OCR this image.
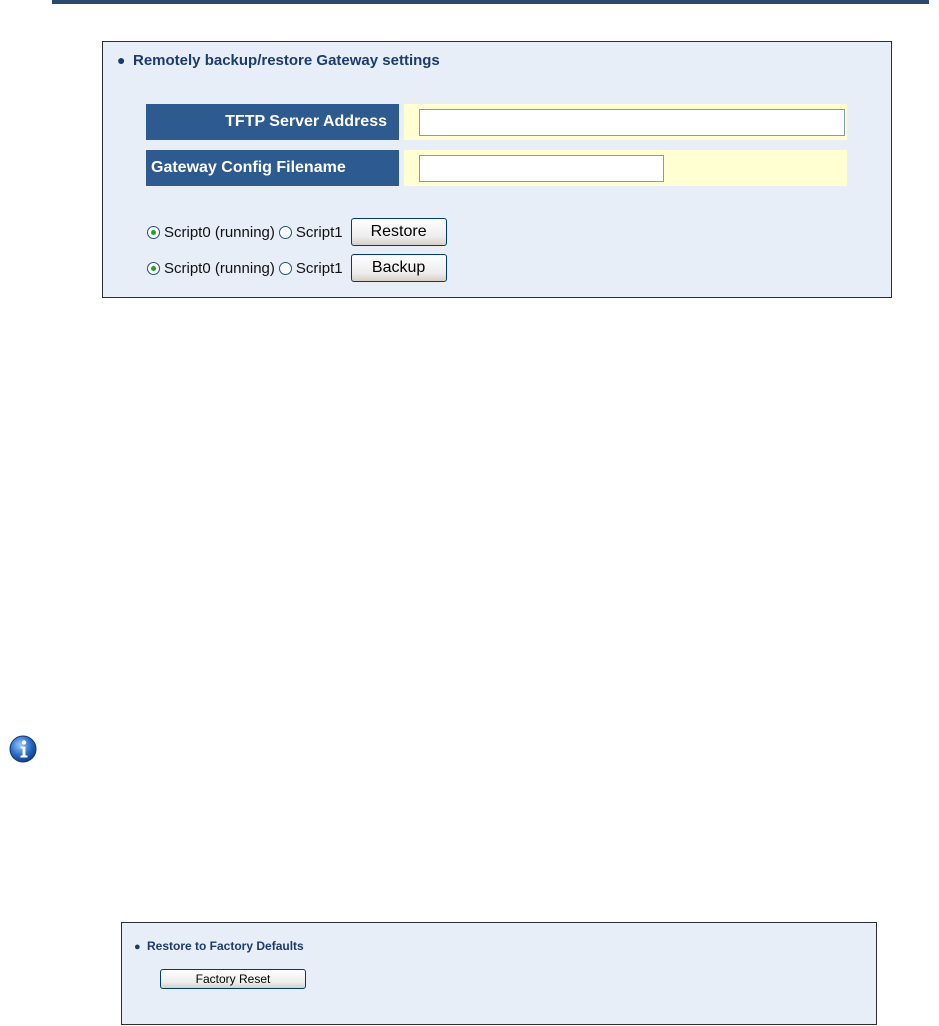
● Remotely backup/restore Gateway settings
TFTP Server Address
Gateway Config Filename
Script0 (running) Script1	Restore
Script0 (running) Script1	Backup
● Restore to Factory Defaults
Factory Reset
